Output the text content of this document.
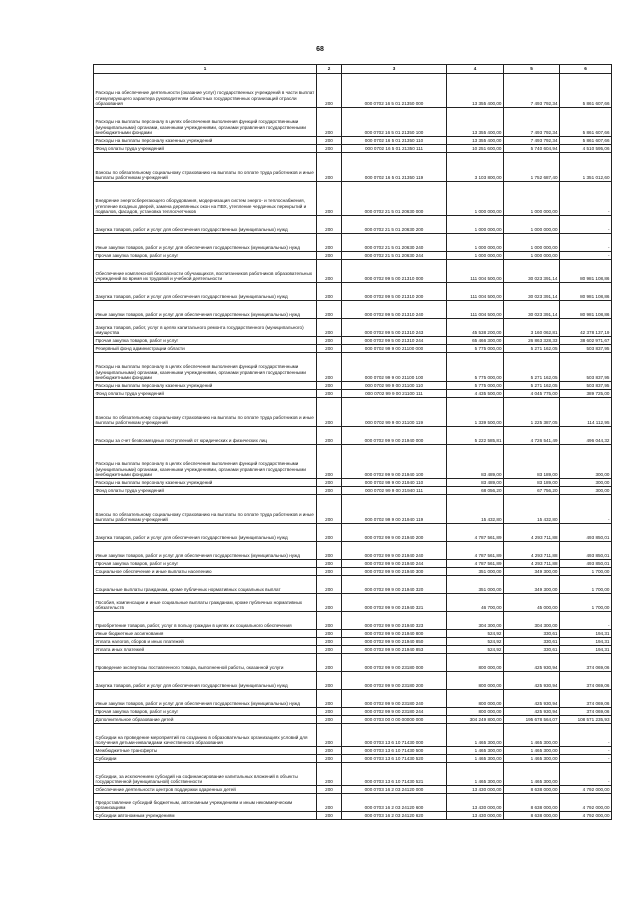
68
1	2	3	4	5	6
Расходы на обеспечение деятельности (оказание услуг) государственных учреждений в части выплат стимулирующего характера руководителям областных государственных организаций отрасли образования	200	000 0702 16 5 01 21350 000	13 355 400,00	7 493 792,34	5 861 607,66
Расходы на выплаты персоналу в целях обеспечения выполнения функций государственными (муниципальными) органами, казенными учреждениями, органами управления государственными внебюджетными фондами	200	000 0702 16 5 01 21350 100	13 355 400,00	7 493 792,34	5 861 607,66
Расходы на выплаты персоналу казенных учреждений	200	000 0702 16 5 01 21350 110	13 355 400,00	7 493 792,34	5 861 607,66
Фонд оплаты труда учреждений	200	000 0702 16 5 01 21350 111	10 251 600,00	5 740 604,94	4 510 595,06
Взносы по обязательному социальному страхованию на выплаты по оплате труда работников и иные выплаты работникам учреждений	200	000 0702 16 5 01 21350 119	3 103 800,00	1 752 687,40	1 351 012,60
Внедрение энергосберегающего оборудования, модернизация систем энерго- и теплоснабжения, утепление входных дверей, замена деревянных окон на ПВХ, утепление чердачных перекрытий и подвалов, фасадов, установка теплосчетчиков	200	000 0702 21 5 01 20630 000	1 000 000,00	1 000 000,00	-
Закупка товаров, работ и услуг для обеспечения государственных (муниципальных) нужд	200	000 0702 21 5 01 20630 200	1 000 000,00	1 000 000,00	-
Иные закупки товаров, работ и услуг для обеспечения государственных (муниципальных) нужд	200	000 0702 21 5 01 20630 240	1 000 000,00	1 000 000,00	-
Прочая закупка товаров, работ и услуг	200	000 0702 21 5 01 20630 244	1 000 000,00	1 000 000,00	-
Обеспечение комплексной безопасности обучающихся, воспитанников работников образовательных учреждений во время их трудовой и учебной деятельности	200	000 0702 99 5 00 21310 000	111 004 500,00	30 023 391,14	80 981 108,86
Закупка товаров, работ и услуг для обеспечения государственных (муниципальных) нужд	200	000 0702 99 5 00 21310 200	111 004 500,00	30 023 391,14	80 981 108,86
Иные закупки товаров, работ и услуг для обеспечения государственных (муниципальных) нужд	200	000 0702 99 5 00 21310 240	111 004 500,00	30 023 391,14	80 981 108,86
Закупка товаров, работ, услуг в целях капитального ремонта государственного (муниципального) имущества	200	000 0702 99 5 00 21310 243	45 538 200,00	3 160 062,81	42 378 137,19
Прочая закупка товаров, работ и услуг	200	000 0702 99 5 00 21310 244	65 466 300,00	26 863 328,33	38 602 971,67
Резервный фонд администрации области	200	000 0702 99 9 00 21100 000	5 775 000,00	5 271 162,05	503 837,95
Расходы на выплаты персоналу в целях обеспечения выполнения функций государственными (муниципальными) органами, казенными учреждениями, органами управления государственными внебюджетными фондами	200	000 0702 99 9 00 21100 100	5 775 000,00	5 271 162,05	503 837,95
Расходы на выплаты персоналу казенных учреждений	200	000 0702 99 9 00 21100 110	5 775 000,00	5 271 162,05	503 837,95
Фонд оплаты труда учреждений	200	000 0702 99 9 00 21100 111	4 435 500,00	4 045 775,00	389 725,00
Взносы по обязательному социальному страхованию на выплаты по оплате труда работников и иные выплаты работникам учреждений	200	000 0702 99 9 00 21100 119	1 339 500,00	1 225 387,05	114 112,95
Расходы за счет безвозмездных поступлений от юридических и физических лиц	200	000 0702 99 9 00 21940 000	5 222 585,81	4 726 541,49	496 044,32
Расходы на выплаты персоналу в целях обеспечения выполнения функций государственными (муниципальными) органами, казенными учреждениями, органами управления государственными внебюджетными фондами	200	000 0702 99 9 00 21940 100	83 489,00	83 189,00	300,00
Расходы на выплаты персоналу казенных учреждений	200	000 0702 99 9 00 21940 110	83 489,00	83 189,00	300,00
Фонд оплаты труда учреждений	200	000 0702 99 9 00 21940 111	68 056,20	67 756,20	300,00
Взносы по обязательному социальному страхованию на выплаты по оплате труда работников и иные выплаты работникам учреждений	200	000 0702 99 9 00 21940 119	15 432,80	15 432,80	-
Закупка товаров, работ и услуг для обеспечения государственных (муниципальных) нужд	200	000 0702 99 9 00 21940 200	4 787 561,89	4 293 711,88	493 850,01
Иные закупки товаров, работ и услуг для обеспечения государственных (муниципальных) нужд	200	000 0702 99 9 00 21940 240	4 787 561,89	4 293 711,88	493 850,01
Прочая закупка товаров, работ и услуг	200	000 0702 99 9 00 21940 244	4 787 561,89	4 293 711,88	493 850,01
Социальное обеспечение и иные выплаты населению	200	000 0702 99 9 00 21940 300	351 000,00	349 300,00	1 700,00
Социальные выплаты гражданам, кроме публичных нормативных социальных выплат	200	000 0702 99 9 00 21940 320	351 000,00	349 300,00	1 700,00
Пособия, компенсации и иные социальные выплаты гражданам, кроме публичных нормативных обязательств	200	000 0702 99 9 00 21940 321	46 700,00	45 000,00	1 700,00
Приобретение товаров, работ, услуг в пользу граждан в целях их социального обеспечения	200	000 0702 99 9 00 21940 323	304 300,00	304 300,00	-
Иные бюджетные ассигнования	200	000 0702 99 9 00 21940 800	524,92	330,61	194,31
Уплата налогов, сборов и иных платежей	200	000 0702 99 9 00 21940 850	524,92	330,61	194,31
Уплата иных платежей	200	000 0702 99 9 00 21940 853	524,92	330,61	194,31
Проведение экспертизы поставленного товара, выполненной работы, оказанной услуги	200	000 0702 99 9 00 23180 000	800 000,00	425 930,94	374 069,06
Закупка товаров, работ и услуг для обеспечения государственных (муниципальных) нужд	200	000 0702 99 9 00 23180 200	800 000,00	425 930,94	374 069,06
Иные закупки товаров, работ и услуг для обеспечения государственных (муниципальных) нужд	200	000 0702 99 9 00 23180 240	800 000,00	425 930,94	374 069,06
Прочая закупка товаров, работ и услуг	200	000 0702 99 9 00 23180 244	800 000,00	425 930,94	374 069,06
Дополнительное образование детей	200	000 0703 00 0 00 00000 000	304 249 800,00	195 678 564,07	108 571 235,93
Субсидии на проведение мероприятий по созданию в образовательных организациях условий для получения детьми-инвалидами качественного образования	200	000 0703 13 6 10 71430 000	1 465 300,00	1 465 300,00	-
Межбюджетные трансферты	200	000 0703 13 6 10 71430 500	1 465 300,00	1 465 300,00	-
Субсидии	200	000 0703 13 6 10 71430 520	1 465 300,00	1 465 300,00	-
Субсидии, за исключением субсидий на софинансирование капитальных вложений в объекты государственной (муниципальной) собственности	200	000 0703 13 6 10 71430 521	1 465 300,00	1 465 300,00	-
Обеспечение деятельности центров поддержки одаренных детей	200	000 0703 16 2 03 24120 000	13 430 000,00	8 638 000,00	4 792 000,00
Предоставление субсидий бюджетным, автономным учреждениям и иным некоммерческим организациям	200	000 0703 16 2 03 24120 600	13 430 000,00	8 638 000,00	4 792 000,00
Субсидии автономным учреждениям	200	000 0703 16 2 03 24120 620	13 430 000,00	8 638 000,00	4 792 000,00
